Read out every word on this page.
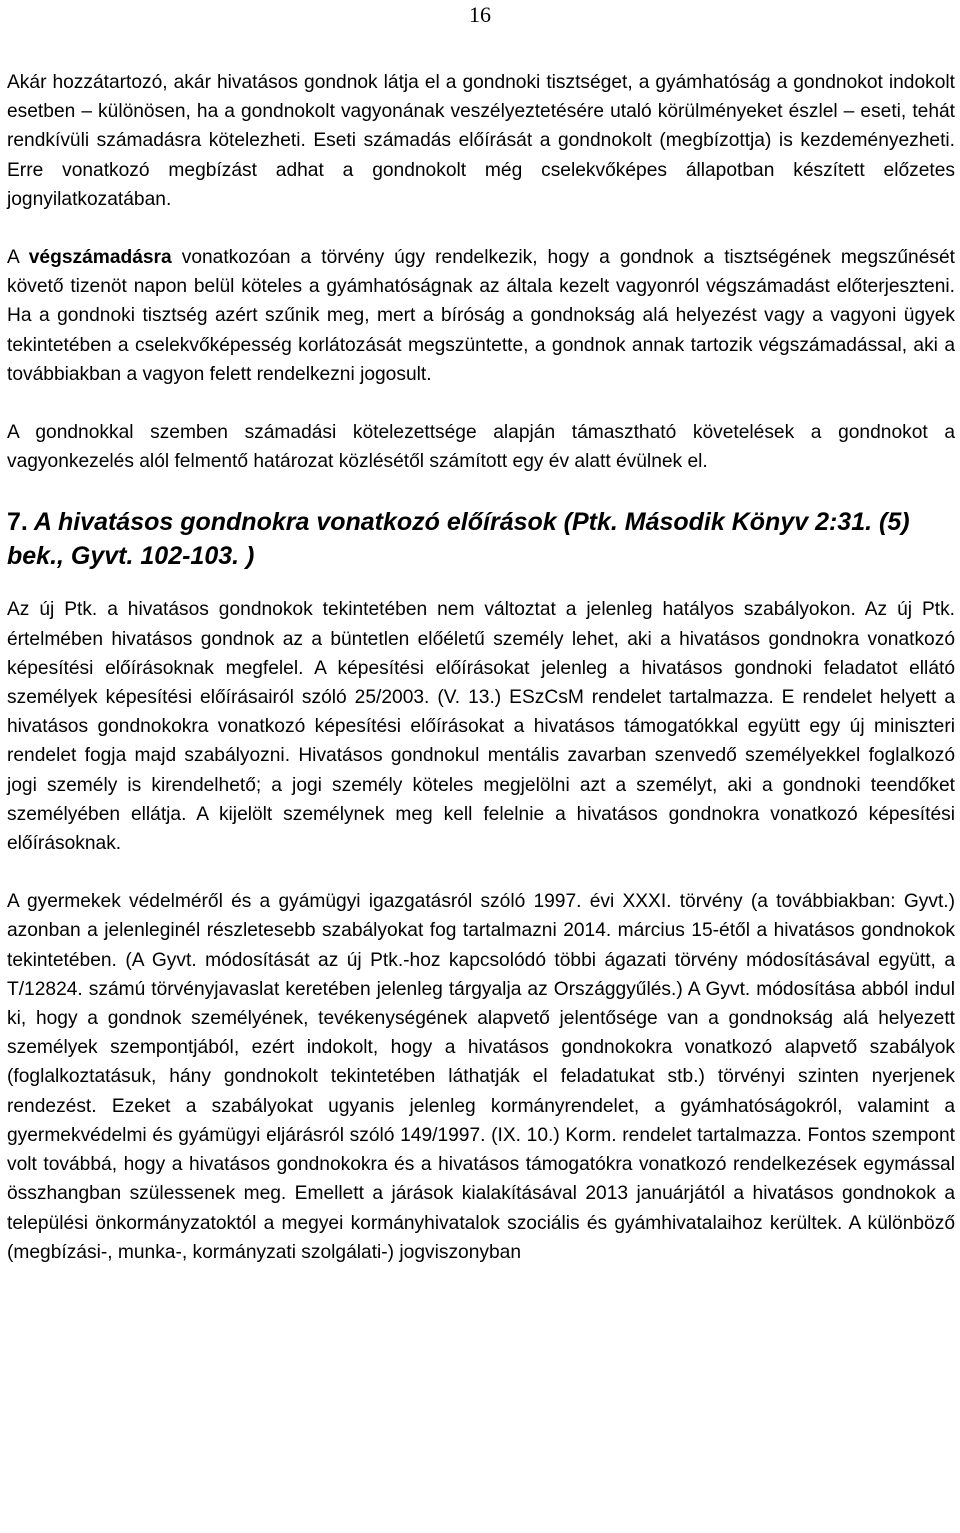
16

Akár hozzátartozó, akár hivatásos gondnok látja el a gondnoki tisztséget, a gyámhatóság a gondnokot indokolt esetben – különösen, ha a gondnokolt vagyonának veszélyeztetésére utaló körülményeket észlel – eseti, tehát rendkívüli számadásra kötelezheti. Eseti számadás előírását a gondnokolt (megbízottja) is kezdeményezheti. Erre vonatkozó megbízást adhat a gondnokolt még cselekvőképes állapotban készített előzetes jognyilatkozatában.

A végszámadásra vonatkozóan a törvény úgy rendelkezik, hogy a gondnok a tisztségének megszűnését követő tizenöt napon belül köteles a gyámhatóságnak az általa kezelt vagyonról végszámadást előterjeszteni. Ha a gondnoki tisztség azért szűnik meg, mert a bíróság a gondnokság alá helyezést vagy a vagyoni ügyek tekintetében a cselekvőképesség korlátozását megszüntette, a gondnok annak tartozik végszámadással, aki a továbbiakban a vagyon felett rendelkezni jogosult.

A gondnokkal szemben számadási kötelezettsége alapján támasztható követelések a gondnokot a vagyonkezelés alól felmentő határozat közlésétől számított egy év alatt évülnek el.

7. A hivatásos gondnokra vonatkozó előírások (Ptk. Második Könyv 2:31. (5) bek., Gyvt. 102-103. )

Az új Ptk. a hivatásos gondnokok tekintetében nem változtat a jelenleg hatályos szabályokon. Az új Ptk. értelmében hivatásos gondnok az a büntetlen előéletű személy lehet, aki a hivatásos gondnokra vonatkozó képesítési előírásoknak megfelel. A képesítési előírásokat jelenleg a hivatásos gondnoki feladatot ellátó személyek képesítési előírásairól szóló 25/2003. (V. 13.) ESzCsM rendelet tartalmazza. E rendelet helyett a hivatásos gondnokokra vonatkozó képesítési előírásokat a hivatásos támogatókkal együtt egy új miniszteri rendelet fogja majd szabályozni. Hivatásos gondnokul mentális zavarban szenvedő személyekkel foglalkozó jogi személy is kirendelhető; a jogi személy köteles megjelölni azt a személyt, aki a gondnoki teendőket személyében ellátja. A kijelölt személynek meg kell felelnie a hivatásos gondnokra vonatkozó képesítési előírásoknak.

A gyermekek védelméről és a gyámügyi igazgatásról szóló 1997. évi XXXI. törvény (a továbbiakban: Gyvt.) azonban a jelenleginél részletesebb szabályokat fog tartalmazni 2014. március 15-étől a hivatásos gondnokok tekintetében. (A Gyvt. módosítását az új Ptk.-hoz kapcsolódó többi ágazati törvény módosításával együtt, a T/12824. számú törvényjavaslat keretében jelenleg tárgyalja az Országgyűlés.) A Gyvt. módosítása abból indul ki, hogy a gondnok személyének, tevékenységének alapvető jelentősége van a gondnokság alá helyezett személyek szempontjából, ezért indokolt, hogy a hivatásos gondnokokra vonatkozó alapvető szabályok (foglalkoztatásuk, hány gondnokolt tekintetében láthatják el feladatukat stb.) törvényi szinten nyerjenek rendezést. Ezeket a szabályokat ugyanis jelenleg kormányrendelet, a gyámhatóságokról, valamint a gyermekvédelmi és gyámügyi eljárásról szóló 149/1997. (IX. 10.) Korm. rendelet tartalmazza. Fontos szempont volt továbbá, hogy a hivatásos gondnokokra és a hivatásos támogatókra vonatkozó rendelkezések egymással összhangban szülessenek meg. Emellett a járások kialakításával 2013 januárjától a hivatásos gondnokok a települési önkormányzatoktól a megyei kormányhivatalok szociális és gyámhivatalaihoz kerültek. A különböző (megbízási-, munka-, kormányzati szolgálati-) jogviszonyban
